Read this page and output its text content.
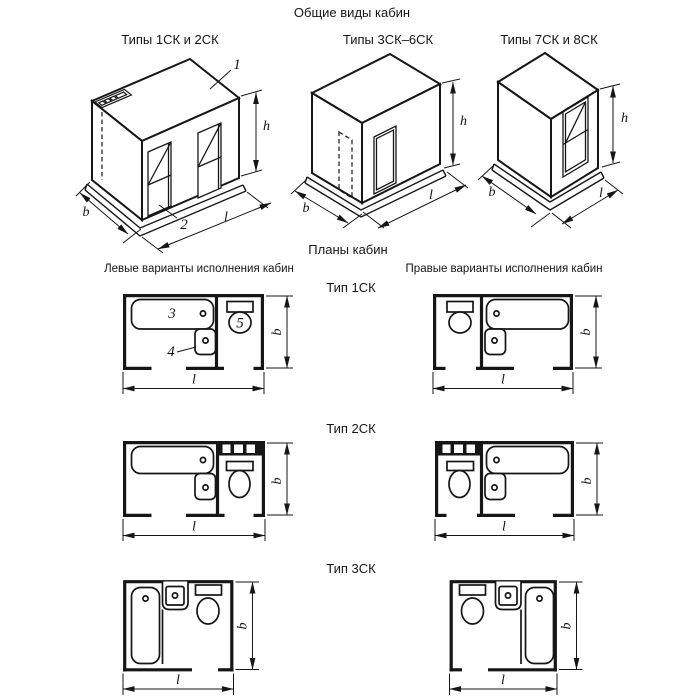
Общие виды кабин
Типы 1СК и 2СК	Типы 3СК–6СК	Типы 7СК и 8СК
Планы кабин
Левые варианты исполнения кабин	Правые варианты исполнения кабин
Тип 1СК
Тип 2СК
Тип 3СК
1
2
h
b	l
h
b
l
h
b	l
3
4
5
b
l
b
l
b
l
b
l
b
l
b
l
